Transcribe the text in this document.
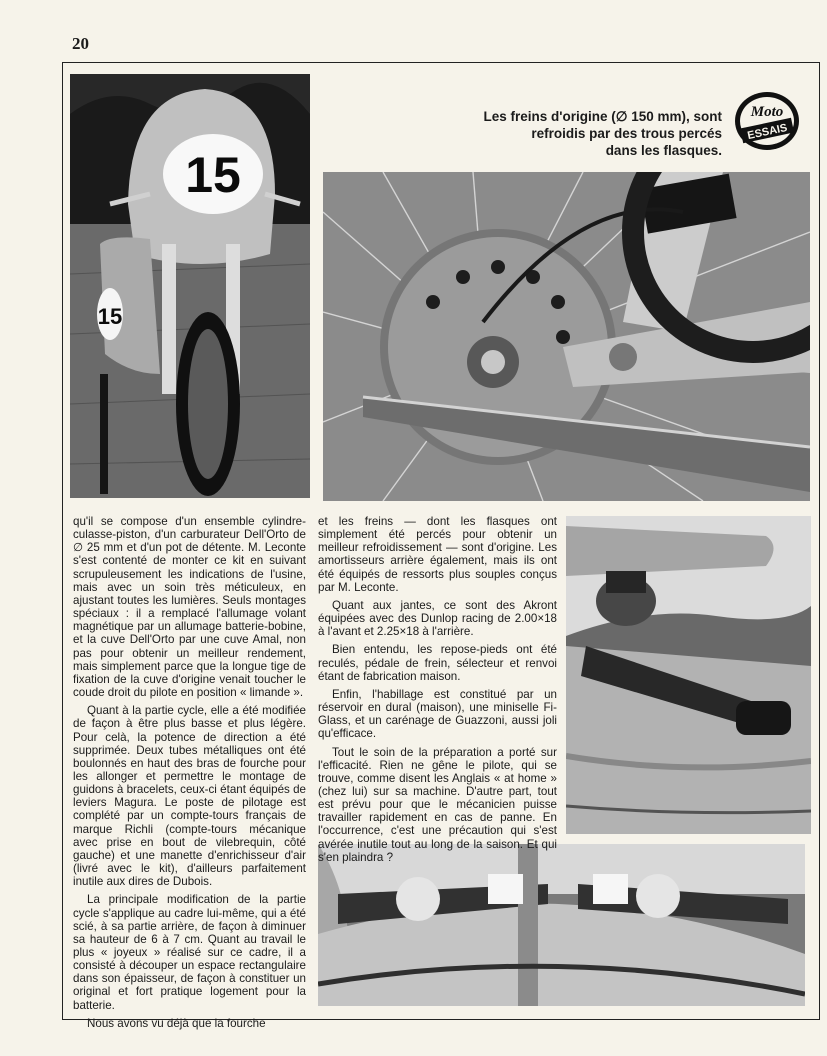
20
15
15
Les freins d'origine (∅ 150 mm), sont
refroidis par des trous percés
dans les flasques.
Moto
ESSAIS

qu'il se compose d'un ensemble cylindre-culasse-piston, d'un carburateur Dell'Orto de ∅ 25 mm et d'un pot de détente. M. Leconte s'est contenté de monter ce kit en suivant scrupuleusement les indications de l'usine, mais avec un soin très méticuleux, en ajustant toutes les lumières. Seuls montages spéciaux : il a remplacé l'allumage volant magnétique par un allumage batterie-bobine, et la cuve Dell'Orto par une cuve Amal, non pas pour obtenir un meilleur rendement, mais simplement parce que la longue tige de fixation de la cuve d'origine venait toucher le coude droit du pilote en position « limande ».

Quant à la partie cycle, elle a été modifiée de façon à être plus basse et plus légère. Pour celà, la potence de direction a été supprimée. Deux tubes métalliques ont été boulonnés en haut des bras de fourche pour les allonger et permettre le montage de guidons à bracelets, ceux-ci étant équipés de leviers Magura. Le poste de pilotage est complété par un compte-tours français de marque Richli (compte-tours mécanique avec prise en bout de vilebrequin, côté gauche) et une manette d'enrichisseur d'air (livré avec le kit), d'ailleurs parfaitement inutile aux dires de Dubois.

La principale modification de la partie cycle s'applique au cadre lui-même, qui a été scié, à sa partie arrière, de façon à diminuer sa hauteur de 6 à 7 cm. Quant au travail le plus « joyeux » réalisé sur ce cadre, il a consisté à découper un espace rectangulaire dans son épaisseur, de façon à constituer un original et fort pratique logement pour la batterie.

Nous avons vu déjà que la fourche

et les freins — dont les flasques ont simplement été percés pour obtenir un meilleur refroidissement — sont d'origine. Les amortisseurs arrière également, mais ils ont été équipés de ressorts plus souples conçus par M. Leconte.

Quant aux jantes, ce sont des Akront équipées avec des Dunlop racing de 2.00×18 à l'avant et 2.25×18 à l'arrière.

Bien entendu, les repose-pieds ont été reculés, pédale de frein, sélecteur et renvoi étant de fabrication maison.

Enfin, l'habillage est constitué par un réservoir en dural (maison), une miniselle Fi-Glass, et un carénage de Guazzoni, aussi joli qu'efficace.

Tout le soin de la préparation a porté sur l'efficacité. Rien ne gêne le pilote, qui se trouve, comme disent les Anglais « at home » (chez lui) sur sa machine. D'autre part, tout est prévu pour que le mécanicien puisse travailler rapidement en cas de panne. En l'occurrence, c'est une précaution qui s'est avérée inutile tout au long de la saison. Et qui s'en plaindra ?
